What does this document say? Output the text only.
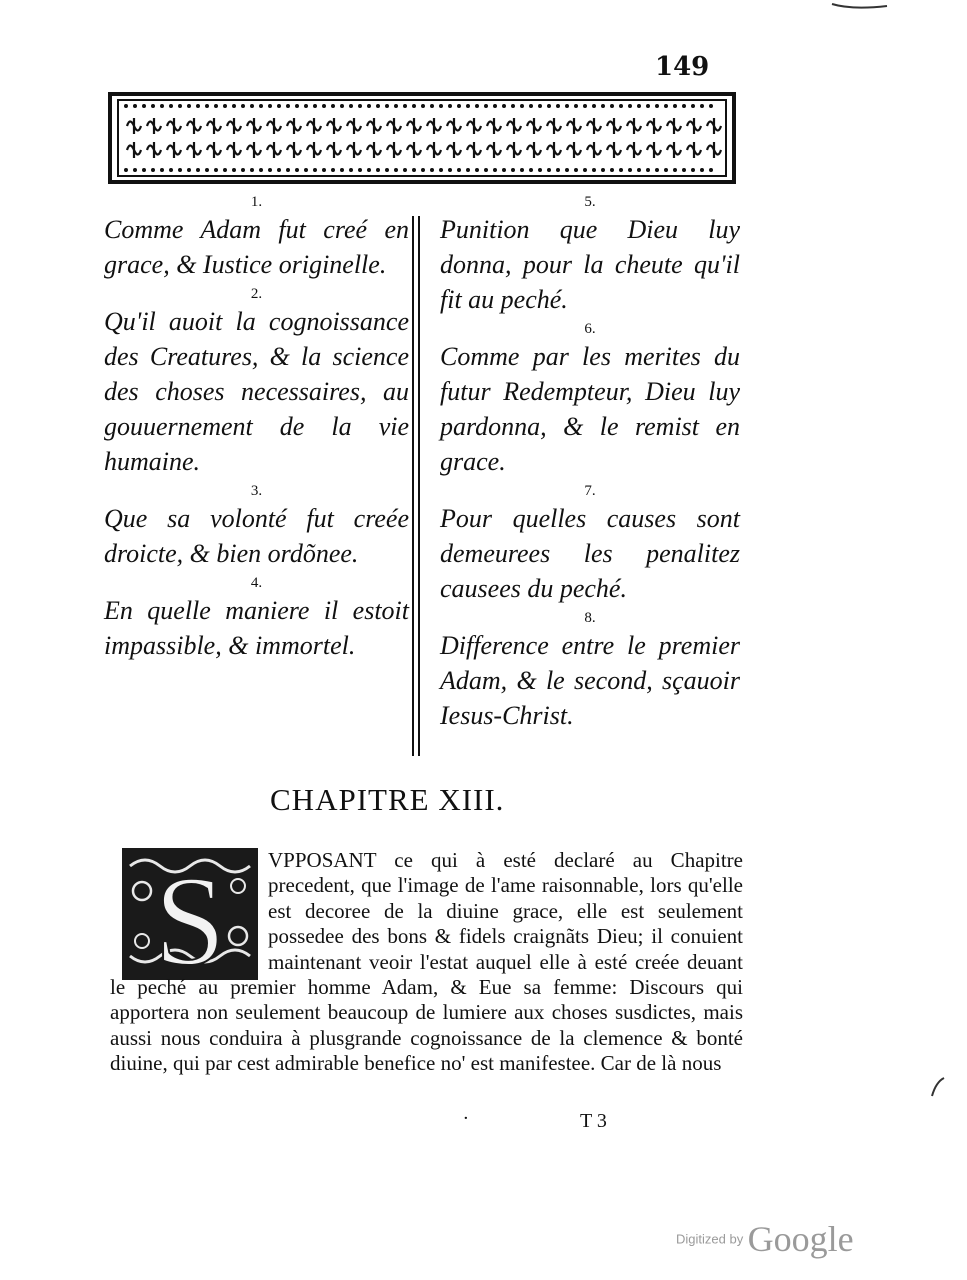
149
1.
Comme Adam fut creé en grace, & Iustice originelle.
2.
Qu'il auoit la cognoissance des Creatures, & la science des choses necessaires, au gouuernement de la vie humaine.
3.
Que sa volonté fut creée droicte, & bien ordõnee.
4.
En quelle maniere il estoit impassible, & immortel.
5.
Punition que Dieu luy donna, pour la cheute qu'il fit au peché.
6.
Comme par les merites du futur Redempteur, Dieu luy pardonna, & le remist en grace.
7.
Pour quelles causes sont demeurees les penalitez causees du peché.
8.
Difference entre le premier Adam, & le second, sçauoir Iesus-Christ.
CHAPITRE XIII.
S	VPPOSANT ce qui à esté declaré au Chapitre precedent, que l'image de l'ame raisonnable, lors qu'elle est decoree de la diuine grace, elle est seulement possedee des bons & fidels craignãts Dieu; il conuient maintenant veoir l'estat auquel elle à esté creée deuant le peché au premier homme Adam, & Eue sa femme: Discours qui apportera non seulement beaucoup de lumiere aux choses susdictes, mais aussi nous conduira à plusgrande cognoissance de la clemence & bonté diuine, qui par cest admirable benefice no' est manifestee. Car de là nous
·	T 3
Digitized by Google
